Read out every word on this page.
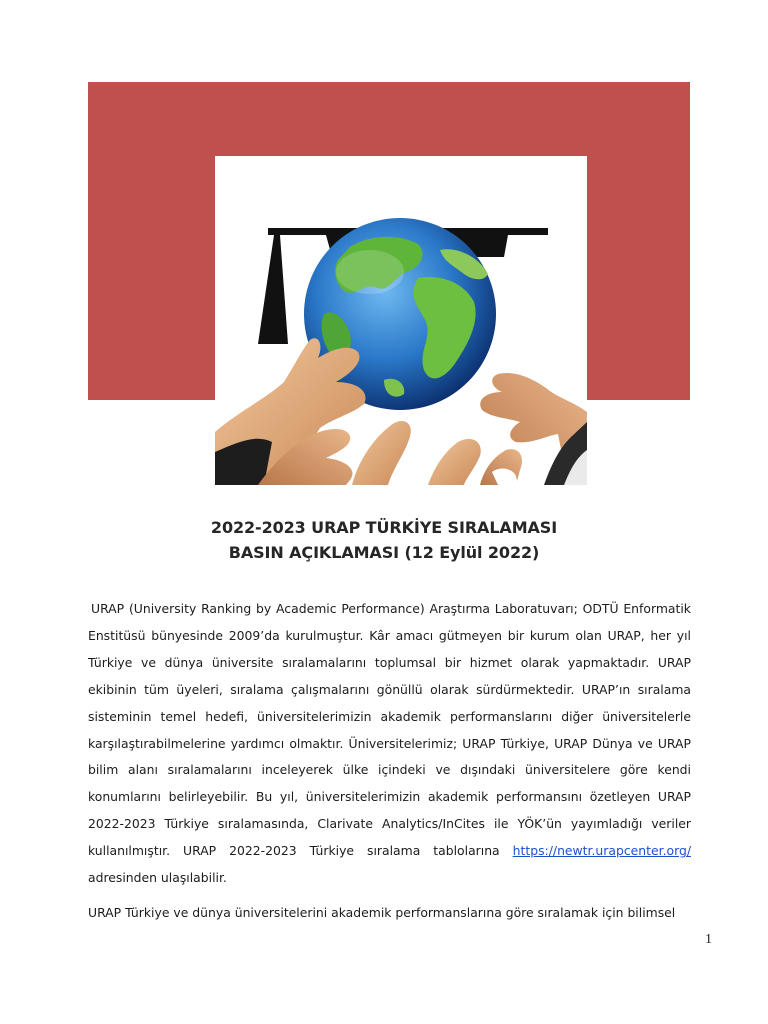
2022-2023 URAP TÜRKİYE SIRALAMASI
BASIN AÇIKLAMASI (12 Eylül 2022)

URAP (University Ranking by Academic Performance) Araştırma Laboratuvarı; ODTÜ Enformatik Enstitüsü bünyesinde 2009’da kurulmuştur. Kâr amacı gütmeyen bir kurum olan URAP, her yıl Türkiye ve dünya üniversite sıralamalarını toplumsal bir hizmet olarak yapmaktadır. URAP ekibinin tüm üyeleri, sıralama çalışmalarını gönüllü olarak sürdürmektedir. URAP’ın sıralama sisteminin temel hedefi, üniversitelerimizin akademik performanslarını diğer üniversitelerle karşılaştırabilmelerine yardımcı olmaktır. Üniversitelerimiz; URAP Türkiye, URAP Dünya ve URAP bilim alanı sıralamalarını inceleyerek ülke içindeki ve dışındaki üniversitelere göre kendi konumlarını belirleyebilir. Bu yıl, üniversitelerimizin akademik performansını özetleyen URAP 2022-2023 Türkiye sıralamasında, Clarivate Analytics/InCites ile YÖK’ün yayımladığı veriler kullanılmıştır. URAP 2022-2023 Türkiye sıralama tablolarına https://newtr.urapcenter.org/ adresinden ulaşılabilir.

URAP Türkiye ve dünya üniversitelerini akademik performanslarına göre sıralamak için bilimsel

1
